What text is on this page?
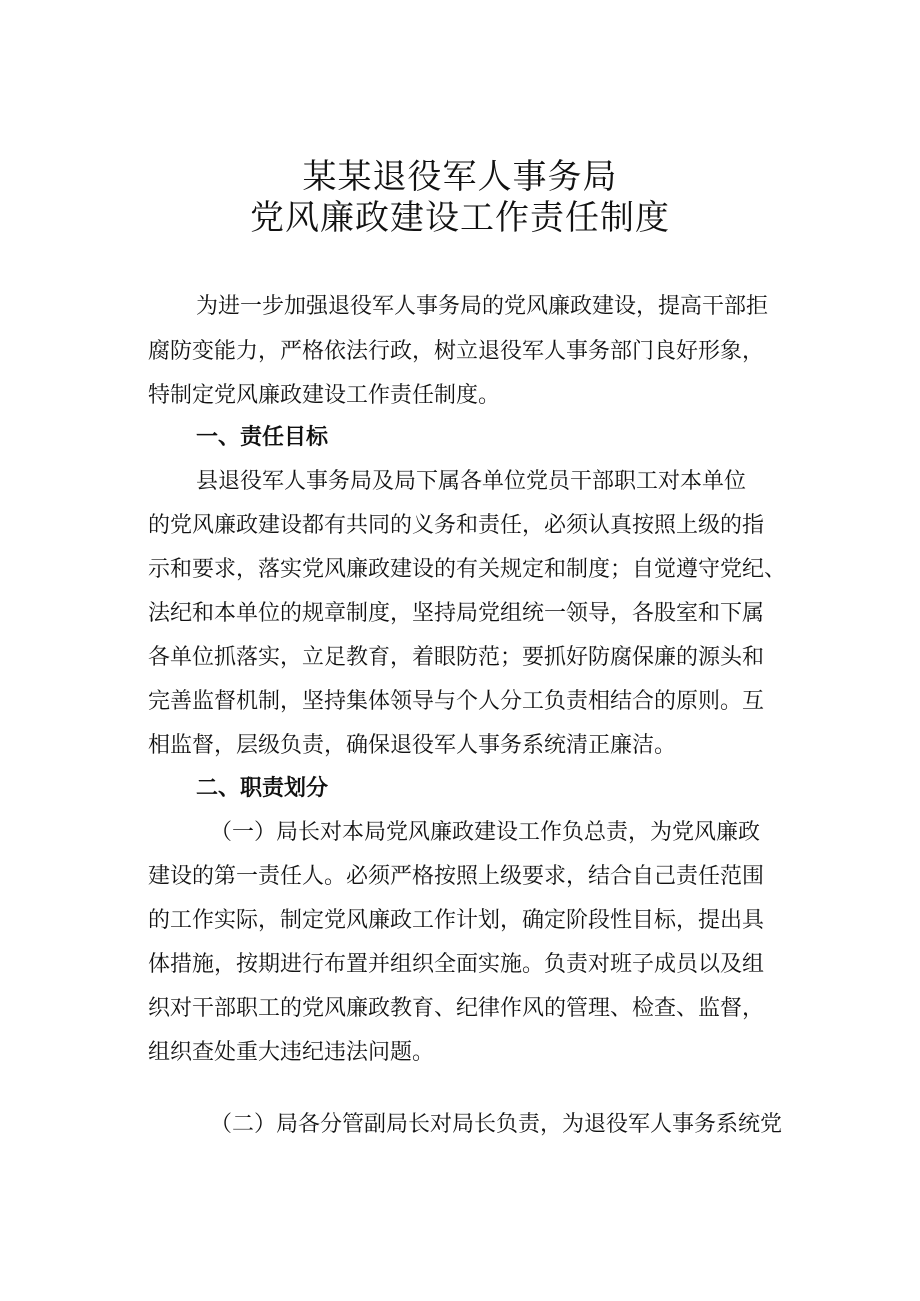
某某退役军人事务局
党风廉政建设工作责任制度
为进一步加强退役军人事务局的党风廉政建设，提高干部拒
腐防变能力，严格依法行政，树立退役军人事务部门良好形象，
特制定党风廉政建设工作责任制度。
一、责任目标
县退役军人事务局及局下属各单位党员干部职工对本单位
的党风廉政建设都有共同的义务和责任，必须认真按照上级的指
示和要求，落实党风廉政建设的有关规定和制度；自觉遵守党纪、
法纪和本单位的规章制度，坚持局党组统一领导，各股室和下属
各单位抓落实，立足教育，着眼防范；要抓好防腐保廉的源头和
完善监督机制，坚持集体领导与个人分工负责相结合的原则。互
相监督，层级负责，确保退役军人事务系统清正廉洁。
二、职责划分
（一）局长对本局党风廉政建设工作负总责，为党风廉政
建设的第一责任人。必须严格按照上级要求，结合自己责任范围
的工作实际，制定党风廉政工作计划，确定阶段性目标，提出具
体措施，按期进行布置并组织全面实施。负责对班子成员以及组
织对干部职工的党风廉政教育、纪律作风的管理、检查、监督，
组织查处重大违纪违法问题。
（二）局各分管副局长对局长负责，为退役军人事务系统党
